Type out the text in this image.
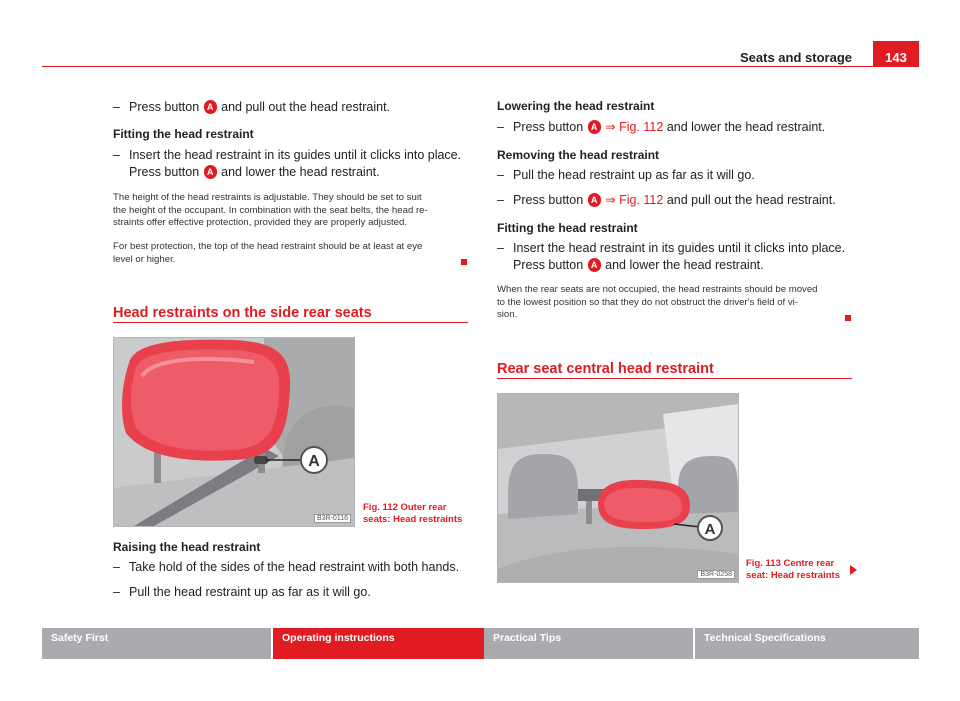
Seats and storage	143
– Press button A and pull out the head restraint.
Fitting the head restraint
– Insert the head restraint in its guides until it clicks into place.
Press button A and lower the head restraint.
The height of the head restraints is adjustable. They should be set to suit
the height of the occupant. In combination with the seat belts, the head re-
straints offer effective protection, provided they are properly adjusted.
For best protection, the top of the head restraint should be at least at eye
level or higher.
Head restraints on the side rear seats
A
B3R-0116
Fig. 112 Outer rear
seats: Head restraints
Raising the head restraint
– Take hold of the sides of the head restraint with both hands.
– Pull the head restraint up as far as it will go.
Lowering the head restraint
– Press button A ⇒ Fig. 112 and lower the head restraint.
Removing the head restraint
– Pull the head restraint up as far as it will go.
– Press button A ⇒ Fig. 112 and pull out the head restraint.
Fitting the head restraint
– Insert the head restraint in its guides until it clicks into place.
Press button A and lower the head restraint.
When the rear seats are not occupied, the head restraints should be moved
to the lowest position so that they do not obstruct the driver's field of vi-
sion.
Rear seat central head restraint
A
B3R-0258
Fig. 113 Centre rear
seat: Head restraints
Safety First	Operating instructions	Practical Tips	Technical Specifications
